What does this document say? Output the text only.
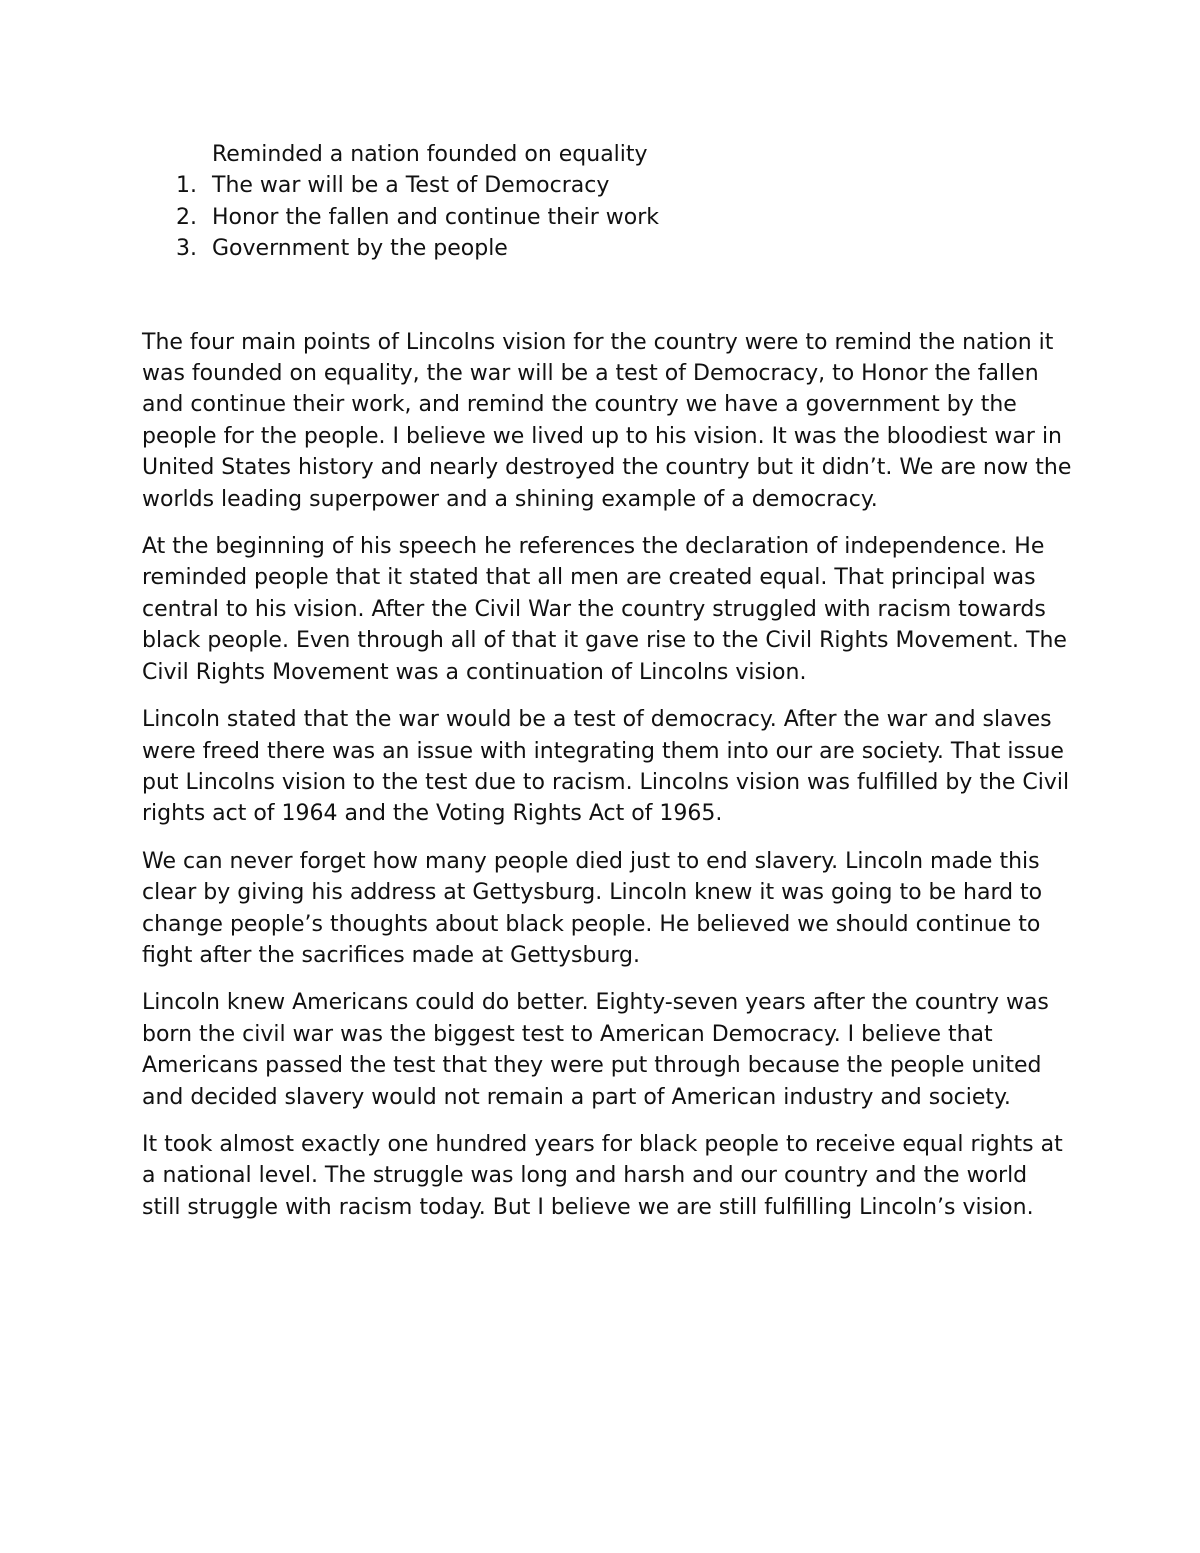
Reminded a nation founded on equality

1. The war will be a Test of Democracy
2. Honor the fallen and continue their work
3. Government by the people

The four main points of Lincolns vision for the country were to remind the nation it was founded on equality, the war will be a test of Democracy, to Honor the fallen and continue their work, and remind the country we have a government by the people for the people. I believe we lived up to his vision. It was the bloodiest war in United States history and nearly destroyed the country but it didn’t. We are now the worlds leading superpower and a shining example of a democracy.

At the beginning of his speech he references the declaration of independence. He reminded people that it stated that all men are created equal. That principal was central to his vision. After the Civil War the country struggled with racism towards black people. Even through all of that it gave rise to the Civil Rights Movement. The Civil Rights Movement was a continuation of Lincolns vision.

Lincoln stated that the war would be a test of democracy. After the war and slaves were freed there was an issue with integrating them into our are society. That issue put Lincolns vision to the test due to racism. Lincolns vision was fulfilled by the Civil rights act of 1964 and the Voting Rights Act of 1965.

We can never forget how many people died just to end slavery. Lincoln made this clear by giving his address at Gettysburg. Lincoln knew it was going to be hard to change people’s thoughts about black people. He believed we should continue to fight after the sacrifices made at Gettysburg.

Lincoln knew Americans could do better. Eighty-seven years after the country was born the civil war was the biggest test to American Democracy. I believe that Americans passed the test that they were put through because the people united and decided slavery would not remain a part of American industry and society.

It took almost exactly one hundred years for black people to receive equal rights at a national level. The struggle was long and harsh and our country and the world still struggle with racism today. But I believe we are still fulfilling Lincoln’s vision.
